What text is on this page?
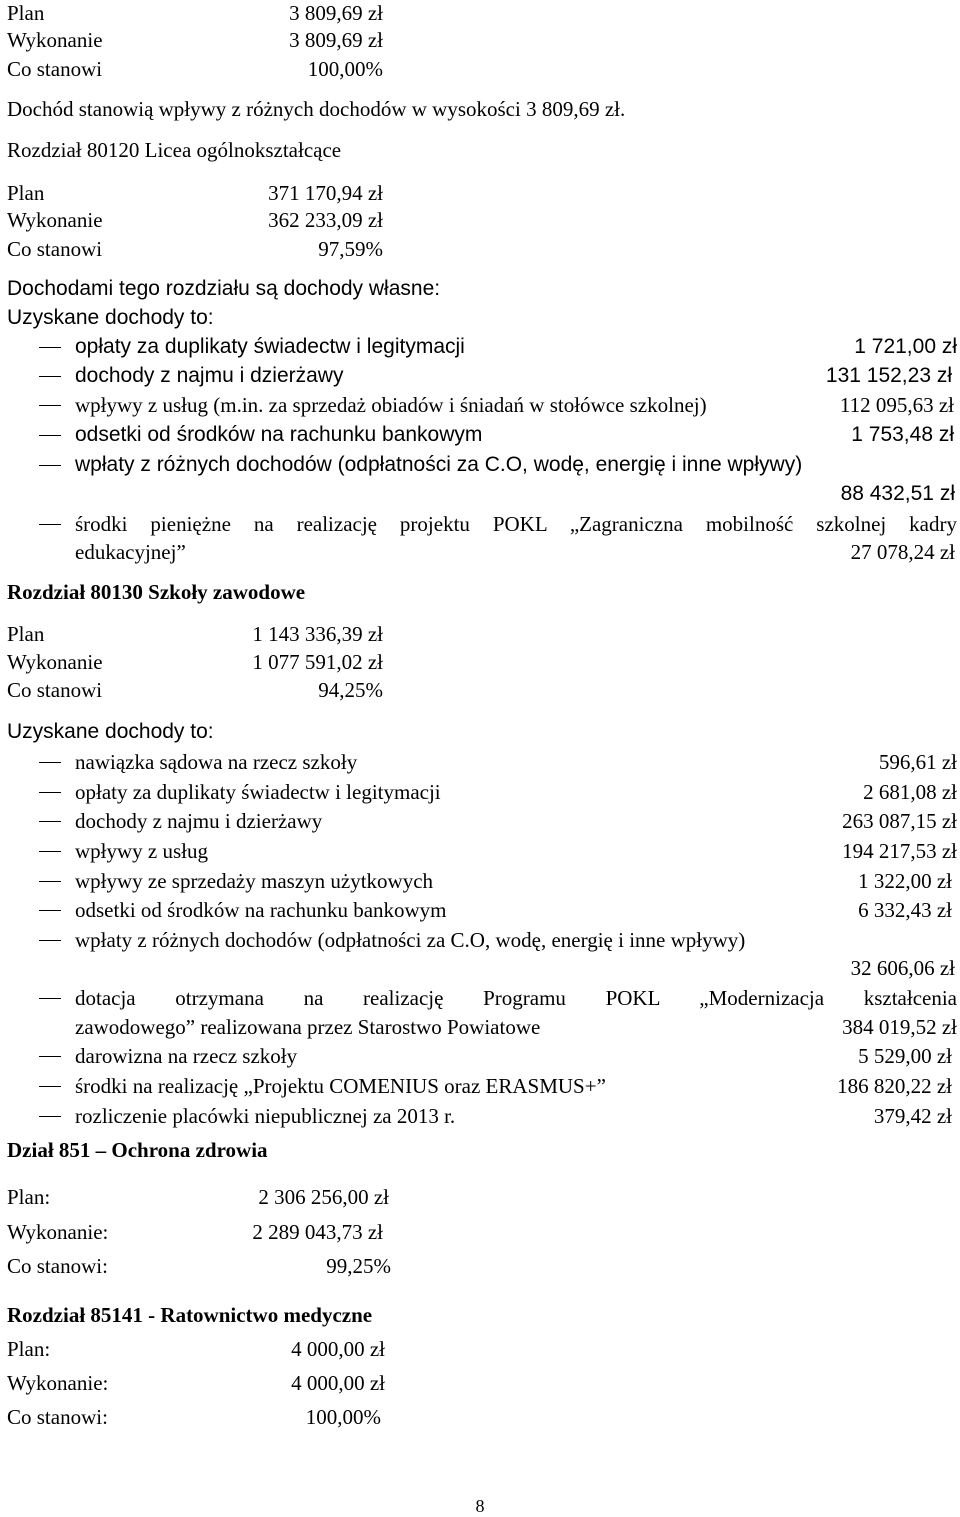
Plan	3 809,69 zł
Wykonanie	3 809,69 zł
Co stanowi	100,00%
Dochód stanowią wpływy z różnych dochodów w wysokości 3 809,69 zł.
Rozdział 80120 Licea ogólnokształcące
Plan	371 170,94 zł
Wykonanie	362 233,09 zł
Co stanowi	97,59%
Dochodami tego rozdziału są dochody własne:
Uzyskane dochody to:
opłaty za duplikaty świadectw i legitymacji	1 721,00 zł
dochody z najmu i dzierżawy	131 152,23 zł
wpływy z usług (m.in. za sprzedaż obiadów i śniadań w stołówce szkolnej)	112 095,63 zł
odsetki od środków na rachunku bankowym	1 753,48 zł
wpłaty z różnych dochodów (odpłatności za C.O, wodę, energię i inne wpływy)
88 432,51 zł
środki pieniężne na realizację projektu POKL „Zagraniczna mobilność szkolnej kadry
edukacyjnej”	27 078,24 zł
Rozdział 80130 Szkoły zawodowe
Plan	1 143 336,39 zł
Wykonanie	1 077 591,02 zł
Co stanowi	94,25%
Uzyskane dochody to:
nawiązka sądowa na rzecz szkoły	596,61 zł
opłaty za duplikaty świadectw i legitymacji	2 681,08 zł
dochody z najmu i dzierżawy	263 087,15 zł
wpływy z usług	194 217,53 zł
wpływy ze sprzedaży maszyn użytkowych	1 322,00 zł
odsetki od środków na rachunku bankowym	6 332,43 zł
wpłaty z różnych dochodów (odpłatności za C.O, wodę, energię i inne wpływy)
32 606,06 zł
dotacja otrzymana na realizację Programu POKL „Modernizacja kształcenia
zawodowego” realizowana przez Starostwo Powiatowe	384 019,52 zł
darowizna na rzecz szkoły	5 529,00 zł
środki na realizację „Projektu COMENIUS oraz ERASMUS+”	186 820,22 zł
rozliczenie placówki niepublicznej za 2013 r.	379,42 zł
Dział 851 – Ochrona zdrowia
Plan:	2 306 256,00 zł
Wykonanie:	2 289 043,73 zł
Co stanowi:	99,25%
Rozdział 85141 - Ratownictwo medyczne
Plan:	4 000,00 zł
Wykonanie:	4 000,00 zł
Co stanowi:	100,00%
8
